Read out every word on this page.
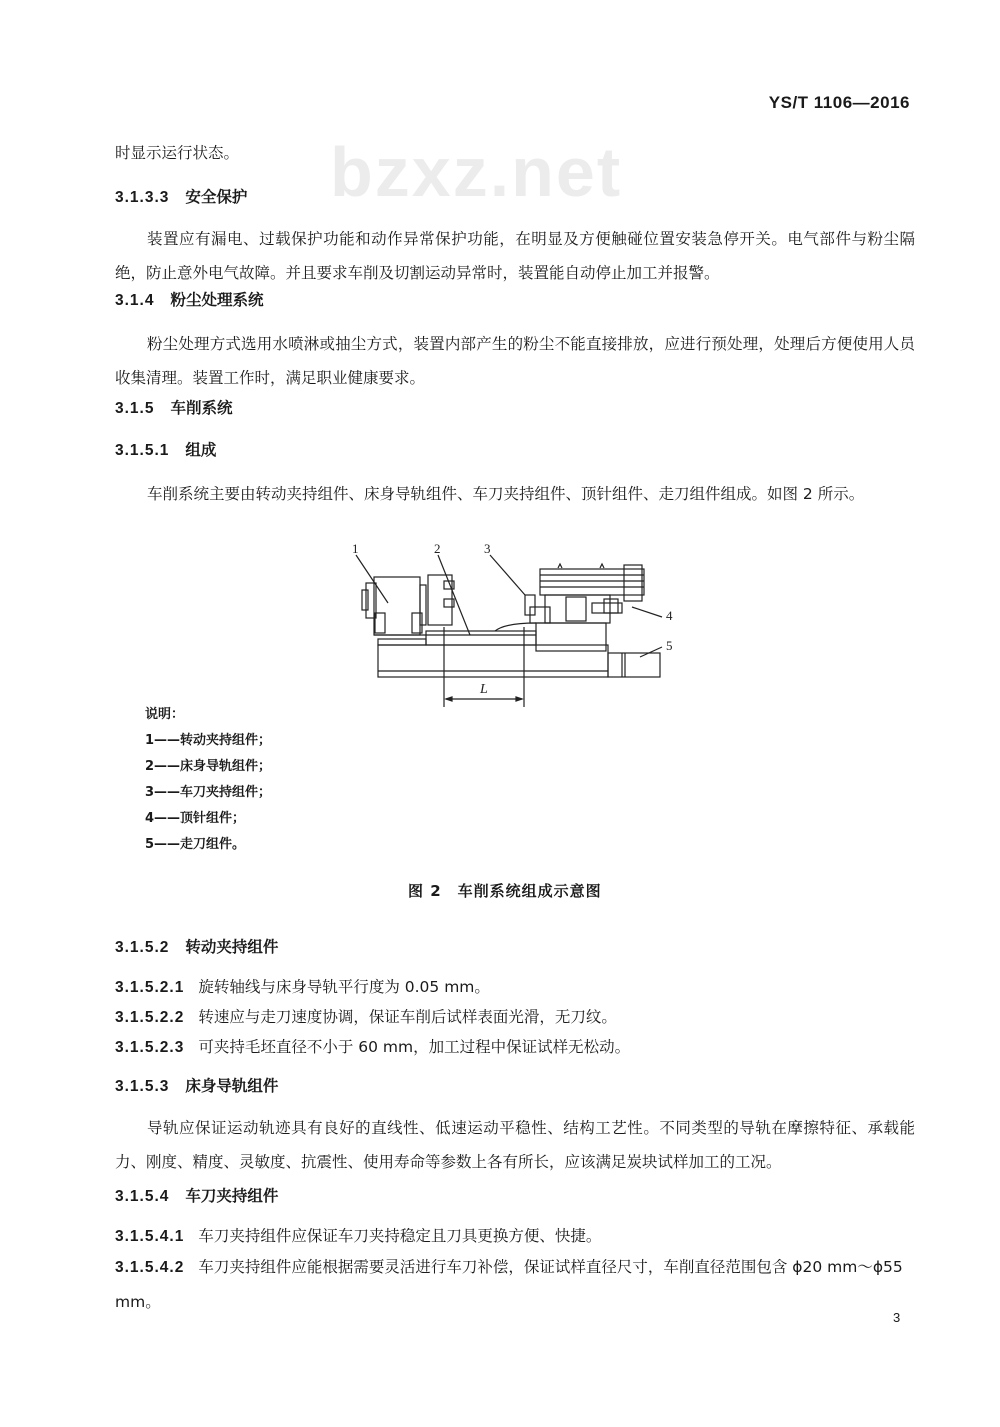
YS/T 1106—2016
bzxz.net
时显示运行状态。
3.1.3.3 安全保护
装置应有漏电、过载保护功能和动作异常保护功能，在明显及方便触碰位置安装急停开关。电气部件与粉尘隔绝，防止意外电气故障。并且要求车削及切割运动异常时，装置能自动停止加工并报警。
3.1.4 粉尘处理系统
粉尘处理方式选用水喷淋或抽尘方式，装置内部产生的粉尘不能直接排放，应进行预处理，处理后方便使用人员收集清理。装置工作时，满足职业健康要求。
3.1.5 车削系统
3.1.5.1 组成
车削系统主要由转动夹持组件、床身导轨组件、车刀夹持组件、顶针组件、走刀组件组成。如图 2 所示。
1	2	3
4
5
L
说明：
1——转动夹持组件；
2——床身导轨组件；
3——车刀夹持组件；
4——顶针组件；
5——走刀组件。
图 2　车削系统组成示意图
3.1.5.2 转动夹持组件
3.1.5.2.1 旋转轴线与床身导轨平行度为 0.05 mm。
3.1.5.2.2 转速应与走刀速度协调，保证车削后试样表面光滑，无刀纹。
3.1.5.2.3 可夹持毛坯直径不小于 60 mm，加工过程中保证试样无松动。
3.1.5.3 床身导轨组件
导轨应保证运动轨迹具有良好的直线性、低速运动平稳性、结构工艺性。不同类型的导轨在摩擦特征、承载能力、刚度、精度、灵敏度、抗震性、使用寿命等参数上各有所长，应该满足炭块试样加工的工况。
3.1.5.4 车刀夹持组件
3.1.5.4.1 车刀夹持组件应保证车刀夹持稳定且刀具更换方便、快捷。
3.1.5.4.2 车刀夹持组件应能根据需要灵活进行车刀补偿，保证试样直径尺寸，车削直径范围包含 ϕ20 mm～ϕ55 mm。
3
